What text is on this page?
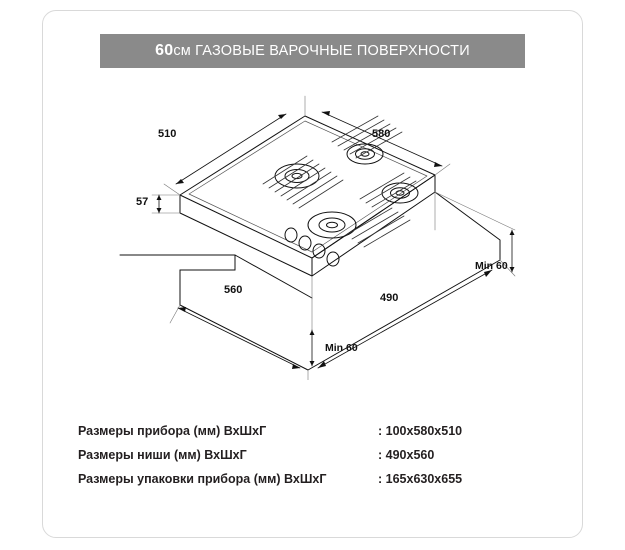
60см ГАЗОВЫЕ ВАРОЧНЫЕ ПОВЕРХНОСТИ
510	580
57
560
490
Min 60
Min 60
Размеры прибора (мм) ВхШхГ	: 100x580x510
Размеры ниши (мм) ВхШхГ	: 490x560
Размеры упаковки прибора (мм) ВхШхГ	: 165x630x655
